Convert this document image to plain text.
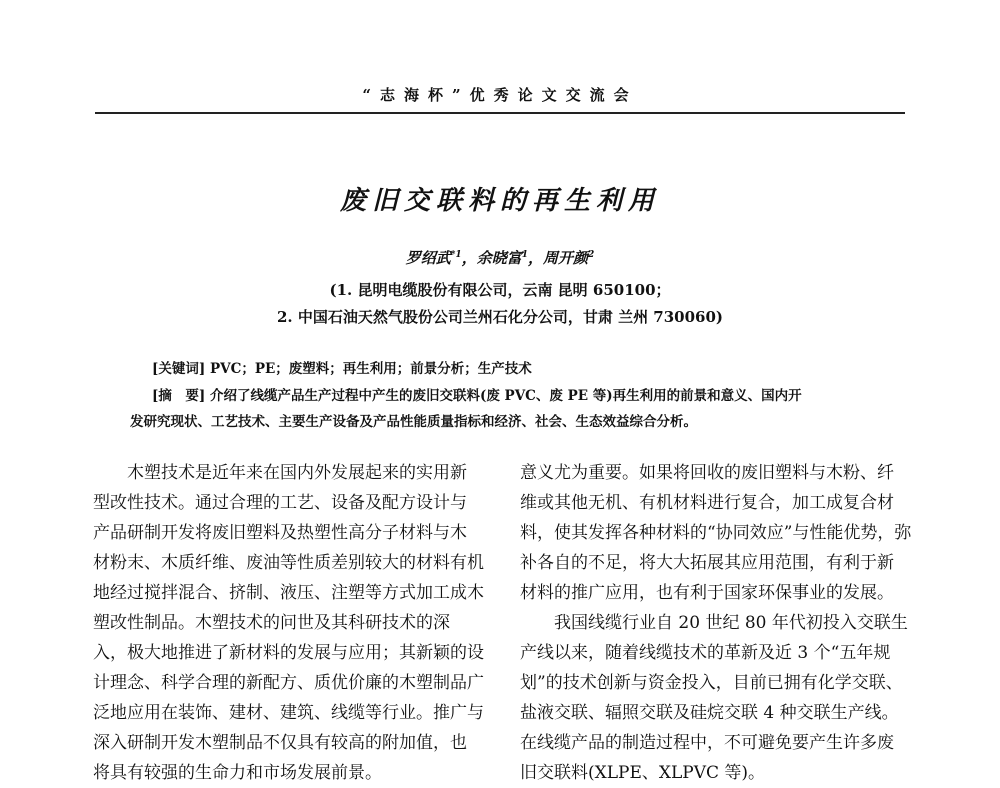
“志海杯”优秀论文交流会
废旧交联料的再生利用
罗绍武$^{*1}$，余晓富$^1$，周开颜$^2$
(1. 昆明电缆股份有限公司，云南 昆明 650100；
2. 中国石油天然气股份公司兰州石化分公司，甘肃 兰州 730060)
[关键词] PVC；PE；废塑料；再生利用；前景分析；生产技术
[摘　要] 介绍了线缆产品生产过程中产生的废旧交联料(废 PVC、废 PE 等)再生利用的前景和意义、国内开
发研究现状、工艺技术、主要生产设备及产品性能质量指标和经济、社会、生态效益综合分析。
　　木塑技术是近年来在国内外发展起来的实用新
型改性技术。通过合理的工艺、设备及配方设计与
产品研制开发将废旧塑料及热塑性高分子材料与木
材粉末、木质纤维、废油等性质差别较大的材料有机
地经过搅拌混合、挤制、液压、注塑等方式加工成木
塑改性制品。木塑技术的问世及其科研技术的深
入，极大地推进了新材料的发展与应用；其新颖的设
计理念、科学合理的新配方、质优价廉的木塑制品广
泛地应用在装饰、建材、建筑、线缆等行业。推广与
深入研制开发木塑制品不仅具有较高的附加值，也
将具有较强的生命力和市场发展前景。
意义尤为重要。如果将回收的废旧塑料与木粉、纤
维或其他无机、有机材料进行复合，加工成复合材
料，使其发挥各种材料的“协同效应”与性能优势，弥
补各自的不足，将大大拓展其应用范围，有利于新
材料的推广应用，也有利于国家环保事业的发展。
　　我国线缆行业自 20 世纪 80 年代初投入交联生
产线以来，随着线缆技术的革新及近 3 个“五年规
划”的技术创新与资金投入，目前已拥有化学交联、
盐液交联、辐照交联及硅烷交联 4 种交联生产线。
在线缆产品的制造过程中，不可避免要产生许多废
旧交联料(XLPE、XLPVC 等)。
